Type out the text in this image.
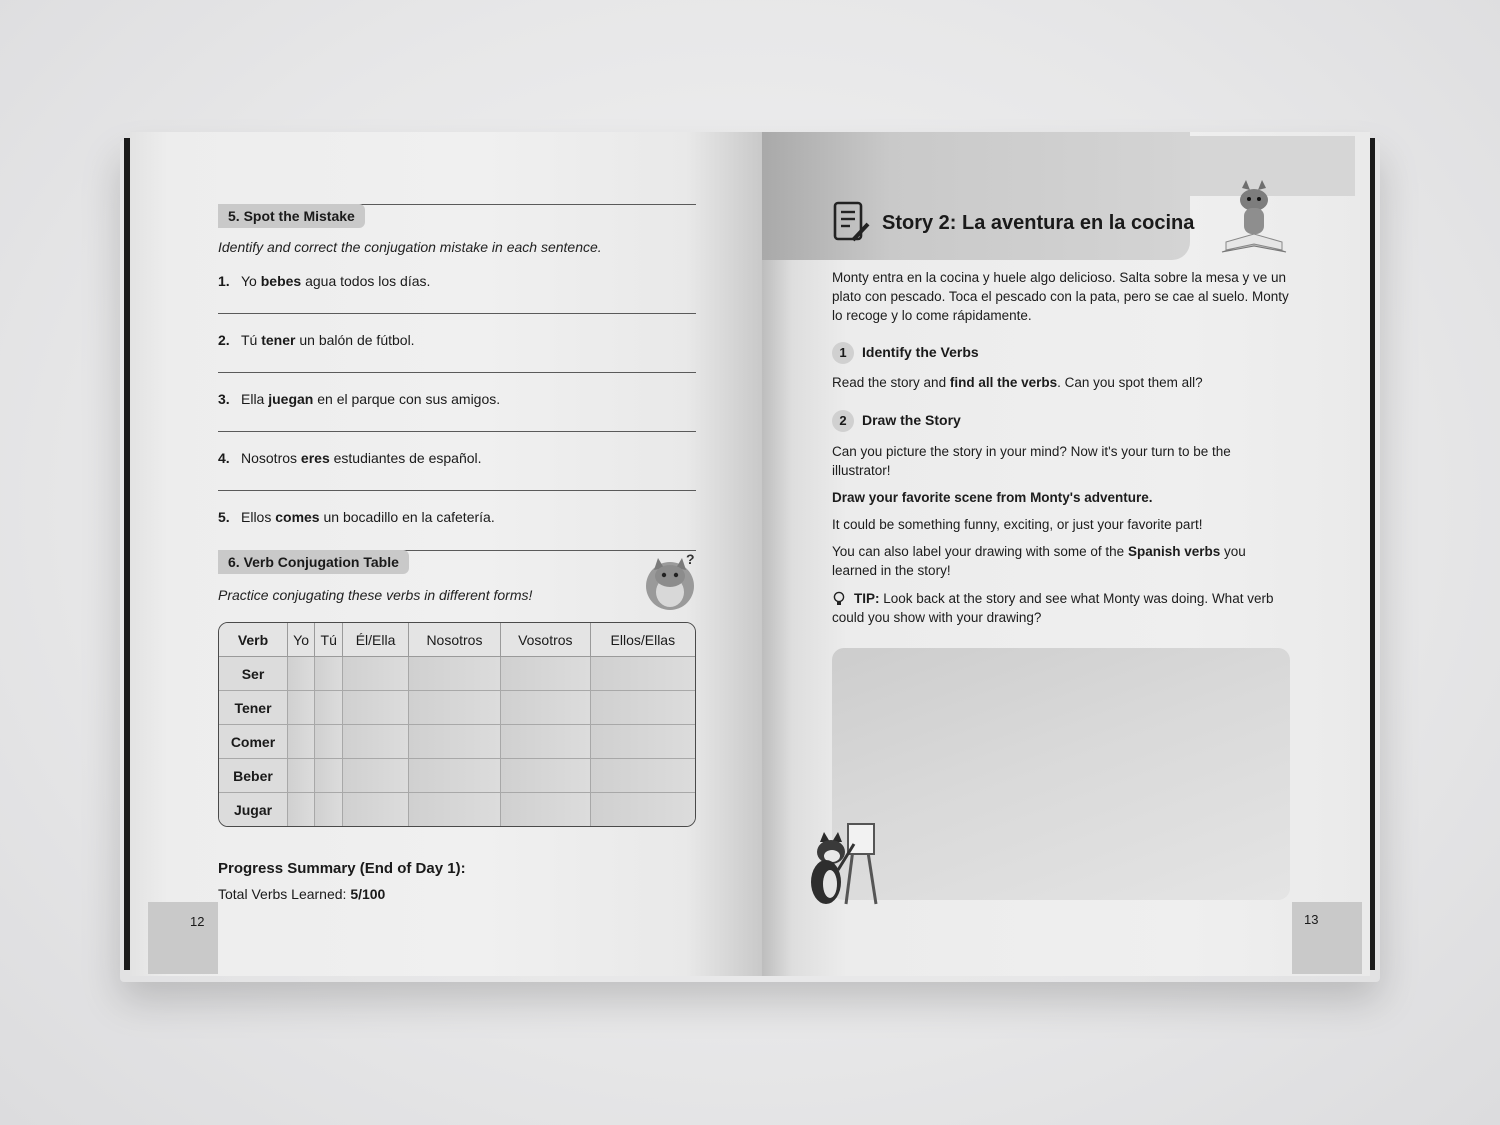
5. Spot the Mistake
Identify and correct the conjugation mistake in each sentence.
1. Yo bebes agua todos los días.
2. Tú tener un balón de fútbol.
3. Ella juegan en el parque con sus amigos.
4. Nosotros eres estudiantes de español.
5. Ellos comes un bocadillo en la cafetería.
6. Verb Conjugation Table
Practice conjugating these verbs in different forms!
?
Verb	Yo	Tú	Él/Ella	Nosotros	Vosotros	Ellos/Ellas
Ser						
Tener						
Comer						
Beber						
Jugar						
Progress Summary (End of Day 1):
Total Verbs Learned: 5/100
12
Story 2: La aventura en la cocina
Monty entra en la cocina y huele algo delicioso. Salta sobre la mesa y ve un plato con pescado. Toca el pescado con la pata, pero se cae al suelo. Monty lo recoge y lo come rápidamente.
1 Identify the Verbs
Read the story and find all the verbs. Can you spot them all?
2 Draw the Story
Can you picture the story in your mind? Now it's your turn to be the illustrator!
Draw your favorite scene from Monty's adventure.
It could be something funny, exciting, or just your favorite part!
You can also label your drawing with some of the Spanish verbs you learned in the story!
TIP: Look back at the story and see what Monty was doing. What verb could you show with your drawing?
13
